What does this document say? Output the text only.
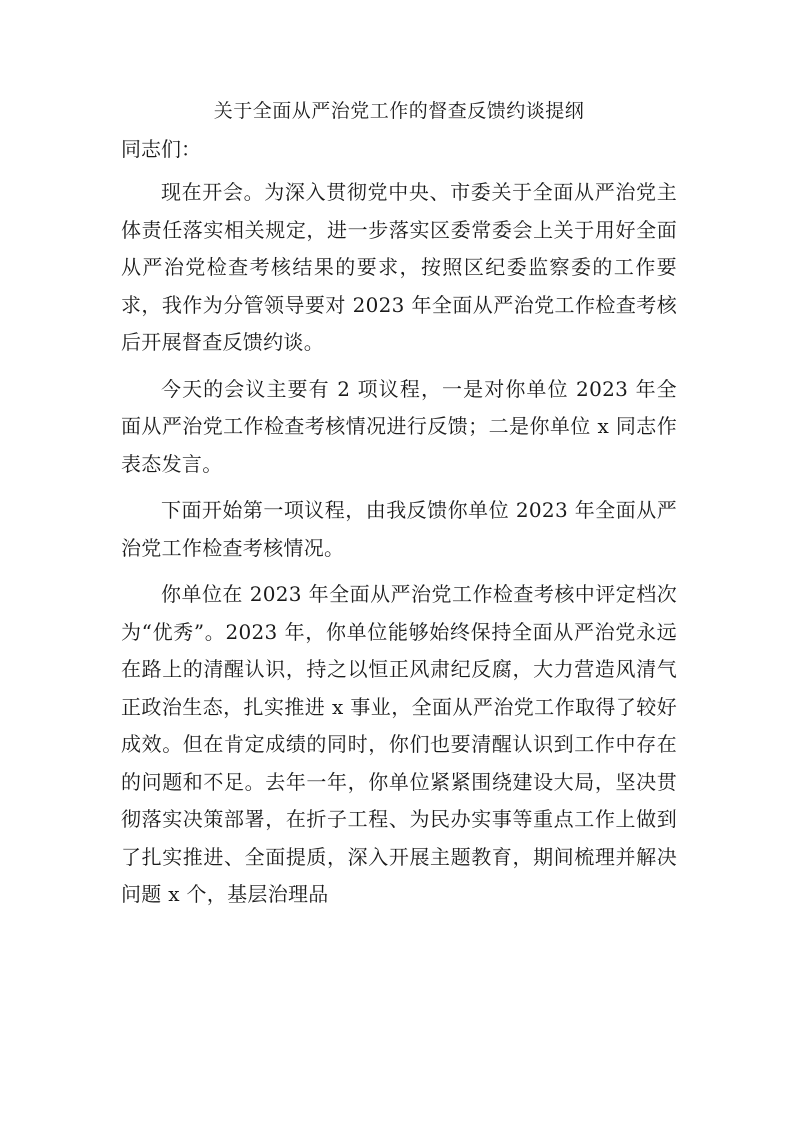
关于全面从严治党工作的督查反馈约谈提纲

同志们：

现在开会。为深入贯彻党中央、市委关于全面从严治党主体责任落实相关规定，进一步落实区委常委会上关于用好全面从严治党检查考核结果的要求，按照区纪委监察委的工作要求，我作为分管领导要对 2023 年全面从严治党工作检查考核后开展督查反馈约谈。

今天的会议主要有 2 项议程，一是对你单位 2023 年全面从严治党工作检查考核情况进行反馈；二是你单位 x 同志作表态发言。

下面开始第一项议程，由我反馈你单位 2023 年全面从严治党工作检查考核情况。

你单位在 2023 年全面从严治党工作检查考核中评定档次为“优秀”。2023 年，你单位能够始终保持全面从严治党永远在路上的清醒认识，持之以恒正风肃纪反腐，大力营造风清气正政治生态，扎实推进 x 事业，全面从严治党工作取得了较好成效。但在肯定成绩的同时，你们也要清醒认识到工作中存在的问题和不足。去年一年，你单位紧紧围绕建设大局，坚决贯彻落实决策部署，在折子工程、为民办实事等重点工作上做到了扎实推进、全面提质，深入开展主题教育，期间梳理并解决问题 x 个，基层治理品
